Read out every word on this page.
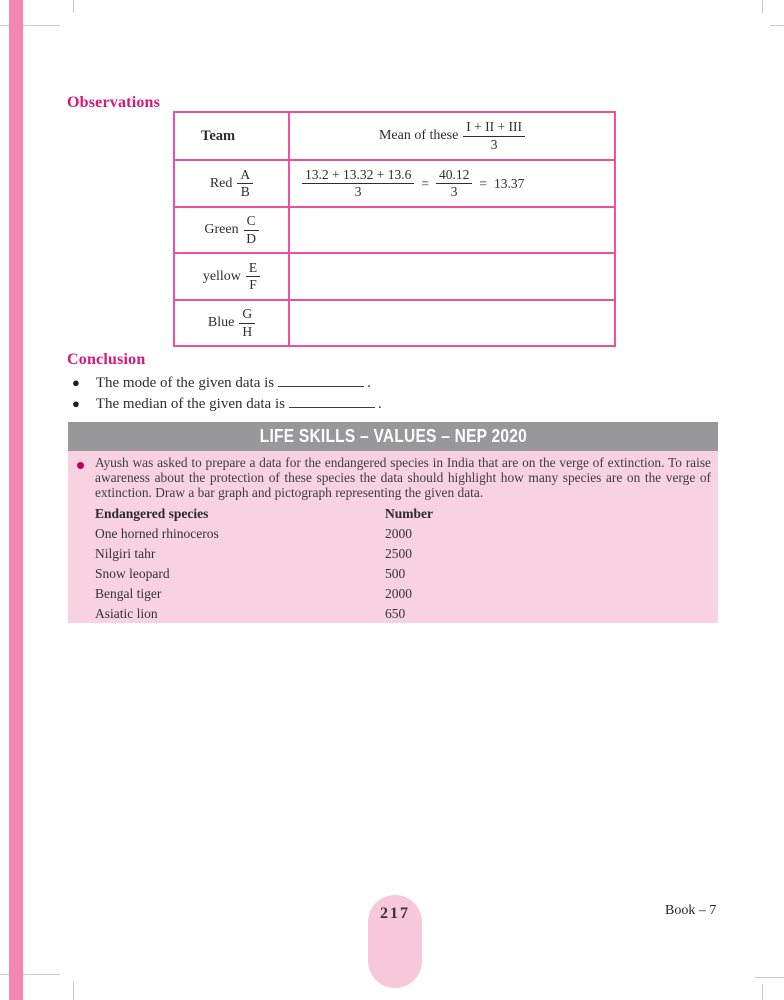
Observations
Team	Mean of these $\frac{\text{I + II + III}}{3}$

Red $\frac{A}{B}$	$\frac{13.2 + 13.32 + 13.6}{3} = \frac{40.12}{3} = 13.37$

Green $\frac{C}{D}$

yellow $\frac{E}{F}$

Blue $\frac{G}{H}$

Conclusion
● The mode of the given data is	.
● The median of the given data is	.
LIFE SKILLS – VALUES – NEP 2020
Ayush was asked to prepare a data for the endangered species in India that are on the verge of extinction. To raise awareness about the protection of these species the data should highlight how many species are on the verge of extinction. Draw a bar graph and pictograph representing the given data.
Endangered species	Number
One horned rhinoceros	2000
Nilgiri tahr	2500
Snow leopard	500
Bengal tiger	2000
Asiatic lion	650
217	Book – 7
